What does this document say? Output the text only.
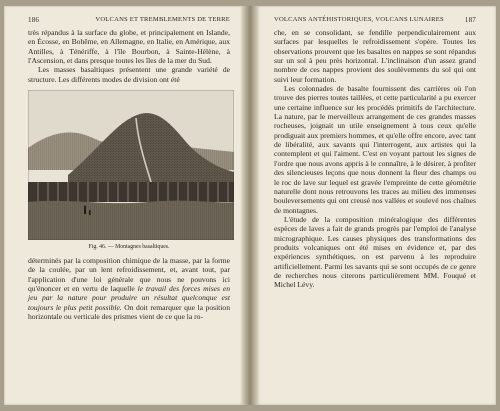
186	VOLCANS ET TREMBLEMENTS DE TERRE

très répandus à la surface du globe, et principalement en Islande, en Écosse, en Bohême, en Allemagne, en Italie, en Amérique, aux Antilles, à Ténériffe, à l'île Bourbon, à Sainte-Hélène, à l'Ascension, et dans presque toutes les îles de la mer du Sud.

Les masses basaltiques présentent une grande variété de structure. Les différents modes de division ont été

Fig. 46. — Montagnes basaltiques.

déterminés par la composition chimique de la masse, par la forme de la coulée, par un lent refroidissement, et, avant tout, par l'application d'une loi générale que nous ne pouvons ici qu'énoncer et en vertu de laquelle le travail des forces mises en jeu par la nature pour produire un résultat quelconque est toujours le plus petit possible. On doit remarquer que la position horizontale ou verticale des prismes vient de ce que la ro-

VOLCANS ANTÉHISTORIQUES, VOLCANS LUNAIRES	187

che, en se consolidant, se fendille perpendiculairement aux surfaces par lesquelles le refroidissement s'opère. Toutes les observations prouvent que les basaltes en nappes se sont répandus sur un sol à peu près horizontal. L'inclinaison d'un assez grand nombre de ces nappes provient des soulèvements du sol qui ont suivi leur formation.

Les colonnades de basalte fournissent des carrières où l'on trouve des pierres toutes taillées, et cette particularité a pu exercer une certaine influence sur les procédés primitifs de l'architecture. La nature, par le merveilleux arrangement de ces grandes masses rocheuses, joignait un utile enseignement à tous ceux qu'elle prodiguait aux premiers hommes, et qu'elle offre encore, avec tant de libéralité, aux savants qui l'interrogent, aux artistes qui la contemplent et qui l'aiment. C'est en voyant partout les signes de l'ordre que nous avons appris à le connaître, à le désirer, à profiter des silencieuses leçons que nous donnent la fleur des champs ou le roc de lave sur lequel est gravée l'empreinte de cette géométrie naturelle dont nous retrouvons les traces au milieu des immenses bouleversements qui ont creusé nos vallées et soulevé nos chaînes de montagnes.

L'étude de la composition minéralogique des différentes espèces de laves a fait de grands progrès par l'emploi de l'analyse micrographique. Les causes physiques des transformations des produits volcaniques ont été mises en évidence et, par des expériences synthétiques, on est parvenu à les reproduire artificiellement. Parmi les savants qui se sont occupés de ce genre de recherches nous citerons particulièrement MM. Fouqué et Michel Lévy.
